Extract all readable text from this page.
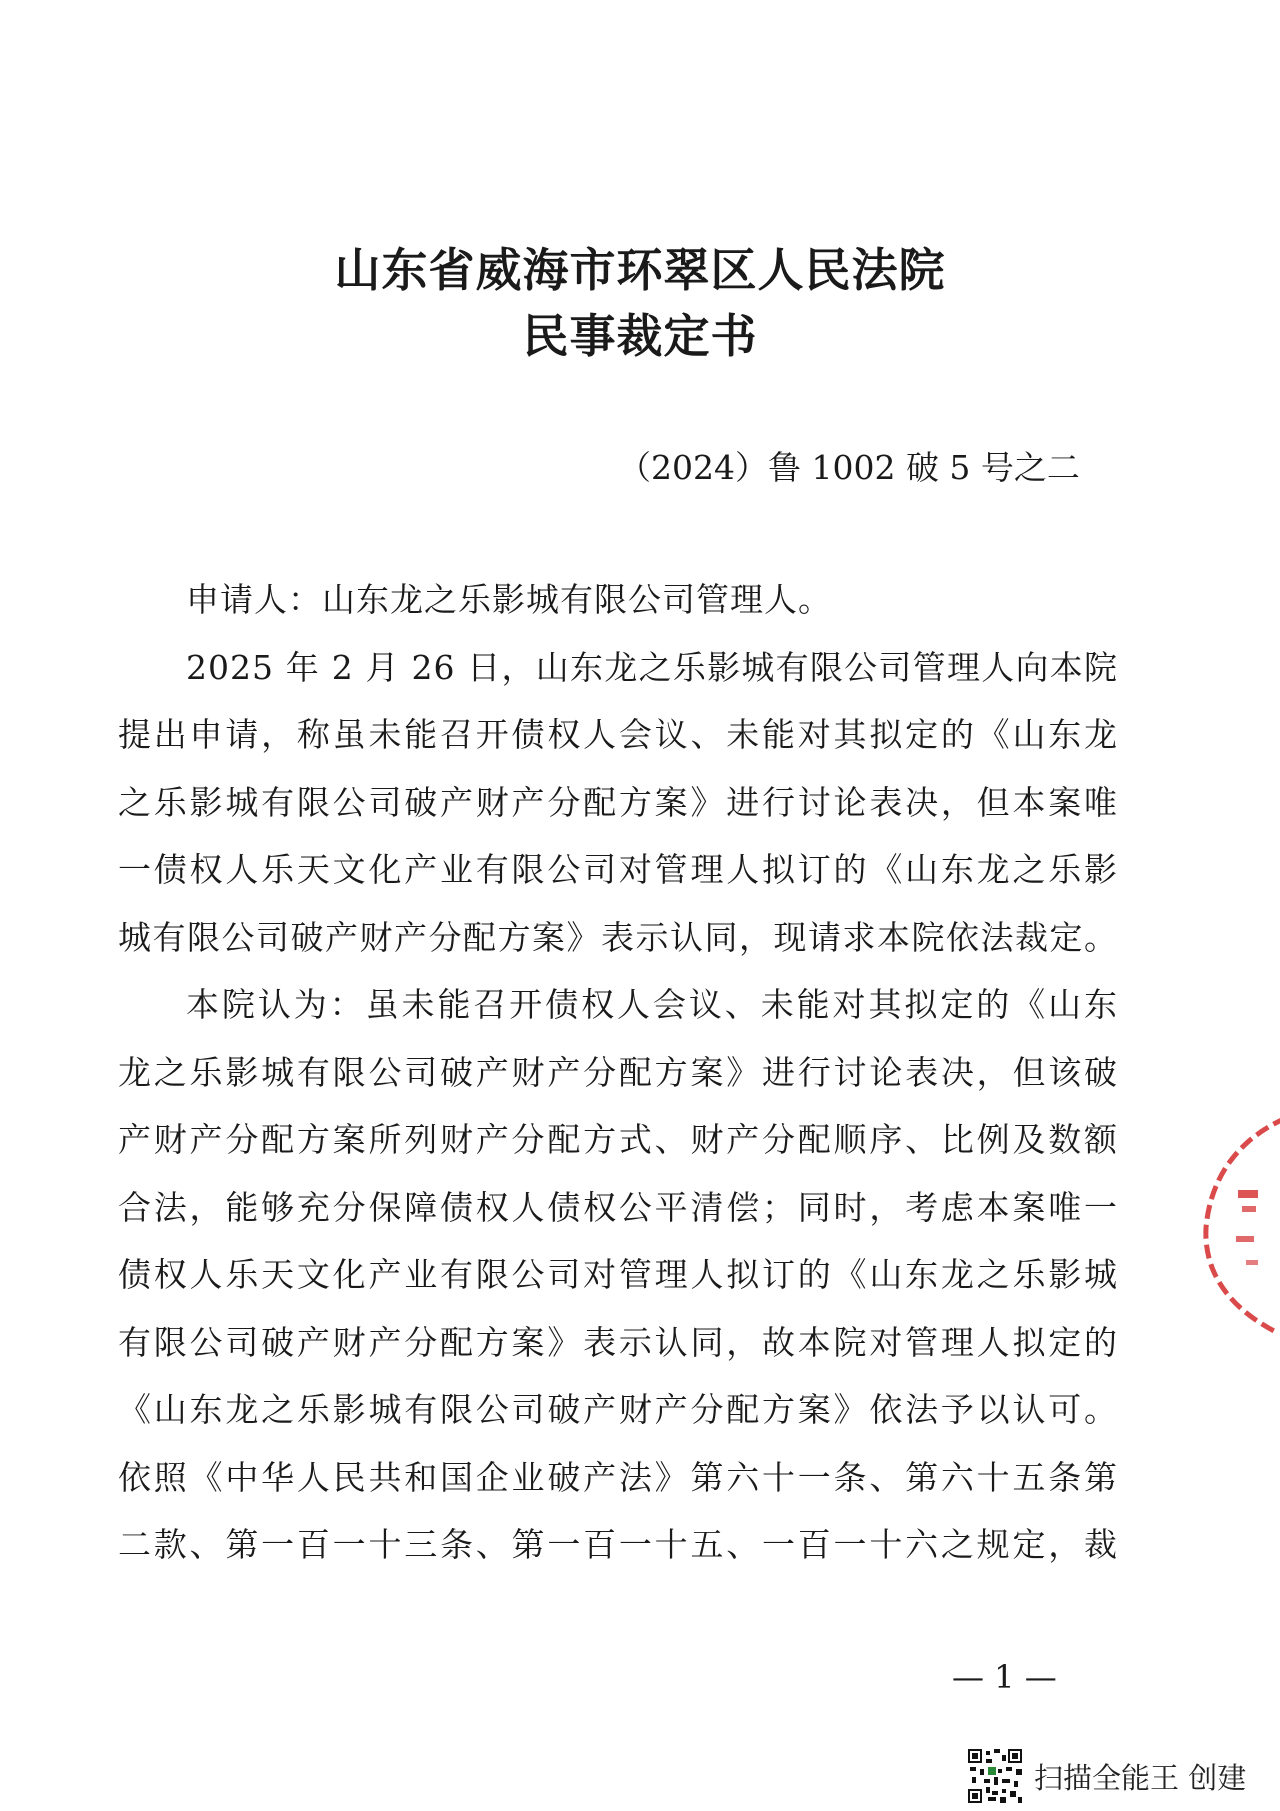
山东省威海市环翠区人民法院
民事裁定书
（2024）鲁 1002 破 5 号之二
申请人：山东龙之乐影城有限公司管理人。
2025 年 2 月 26 日，山东龙之乐影城有限公司管理人向本院
提出申请，称虽未能召开债权人会议、未能对其拟定的《山东龙
之乐影城有限公司破产财产分配方案》进行讨论表决，但本案唯
一债权人乐天文化产业有限公司对管理人拟订的《山东龙之乐影
城有限公司破产财产分配方案》表示认同，现请求本院依法裁定。
本院认为：虽未能召开债权人会议、未能对其拟定的《山东
龙之乐影城有限公司破产财产分配方案》进行讨论表决，但该破
产财产分配方案所列财产分配方式、财产分配顺序、比例及数额
合法，能够充分保障债权人债权公平清偿；同时，考虑本案唯一
债权人乐天文化产业有限公司对管理人拟订的《山东龙之乐影城
有限公司破产财产分配方案》表示认同，故本院对管理人拟定的
《山东龙之乐影城有限公司破产财产分配方案》依法予以认可。
依照《中华人民共和国企业破产法》第六十一条、第六十五条第
二款、第一百一十三条、第一百一十五、一百一十六之规定，裁
— 1 —
扫描全能王 创建
